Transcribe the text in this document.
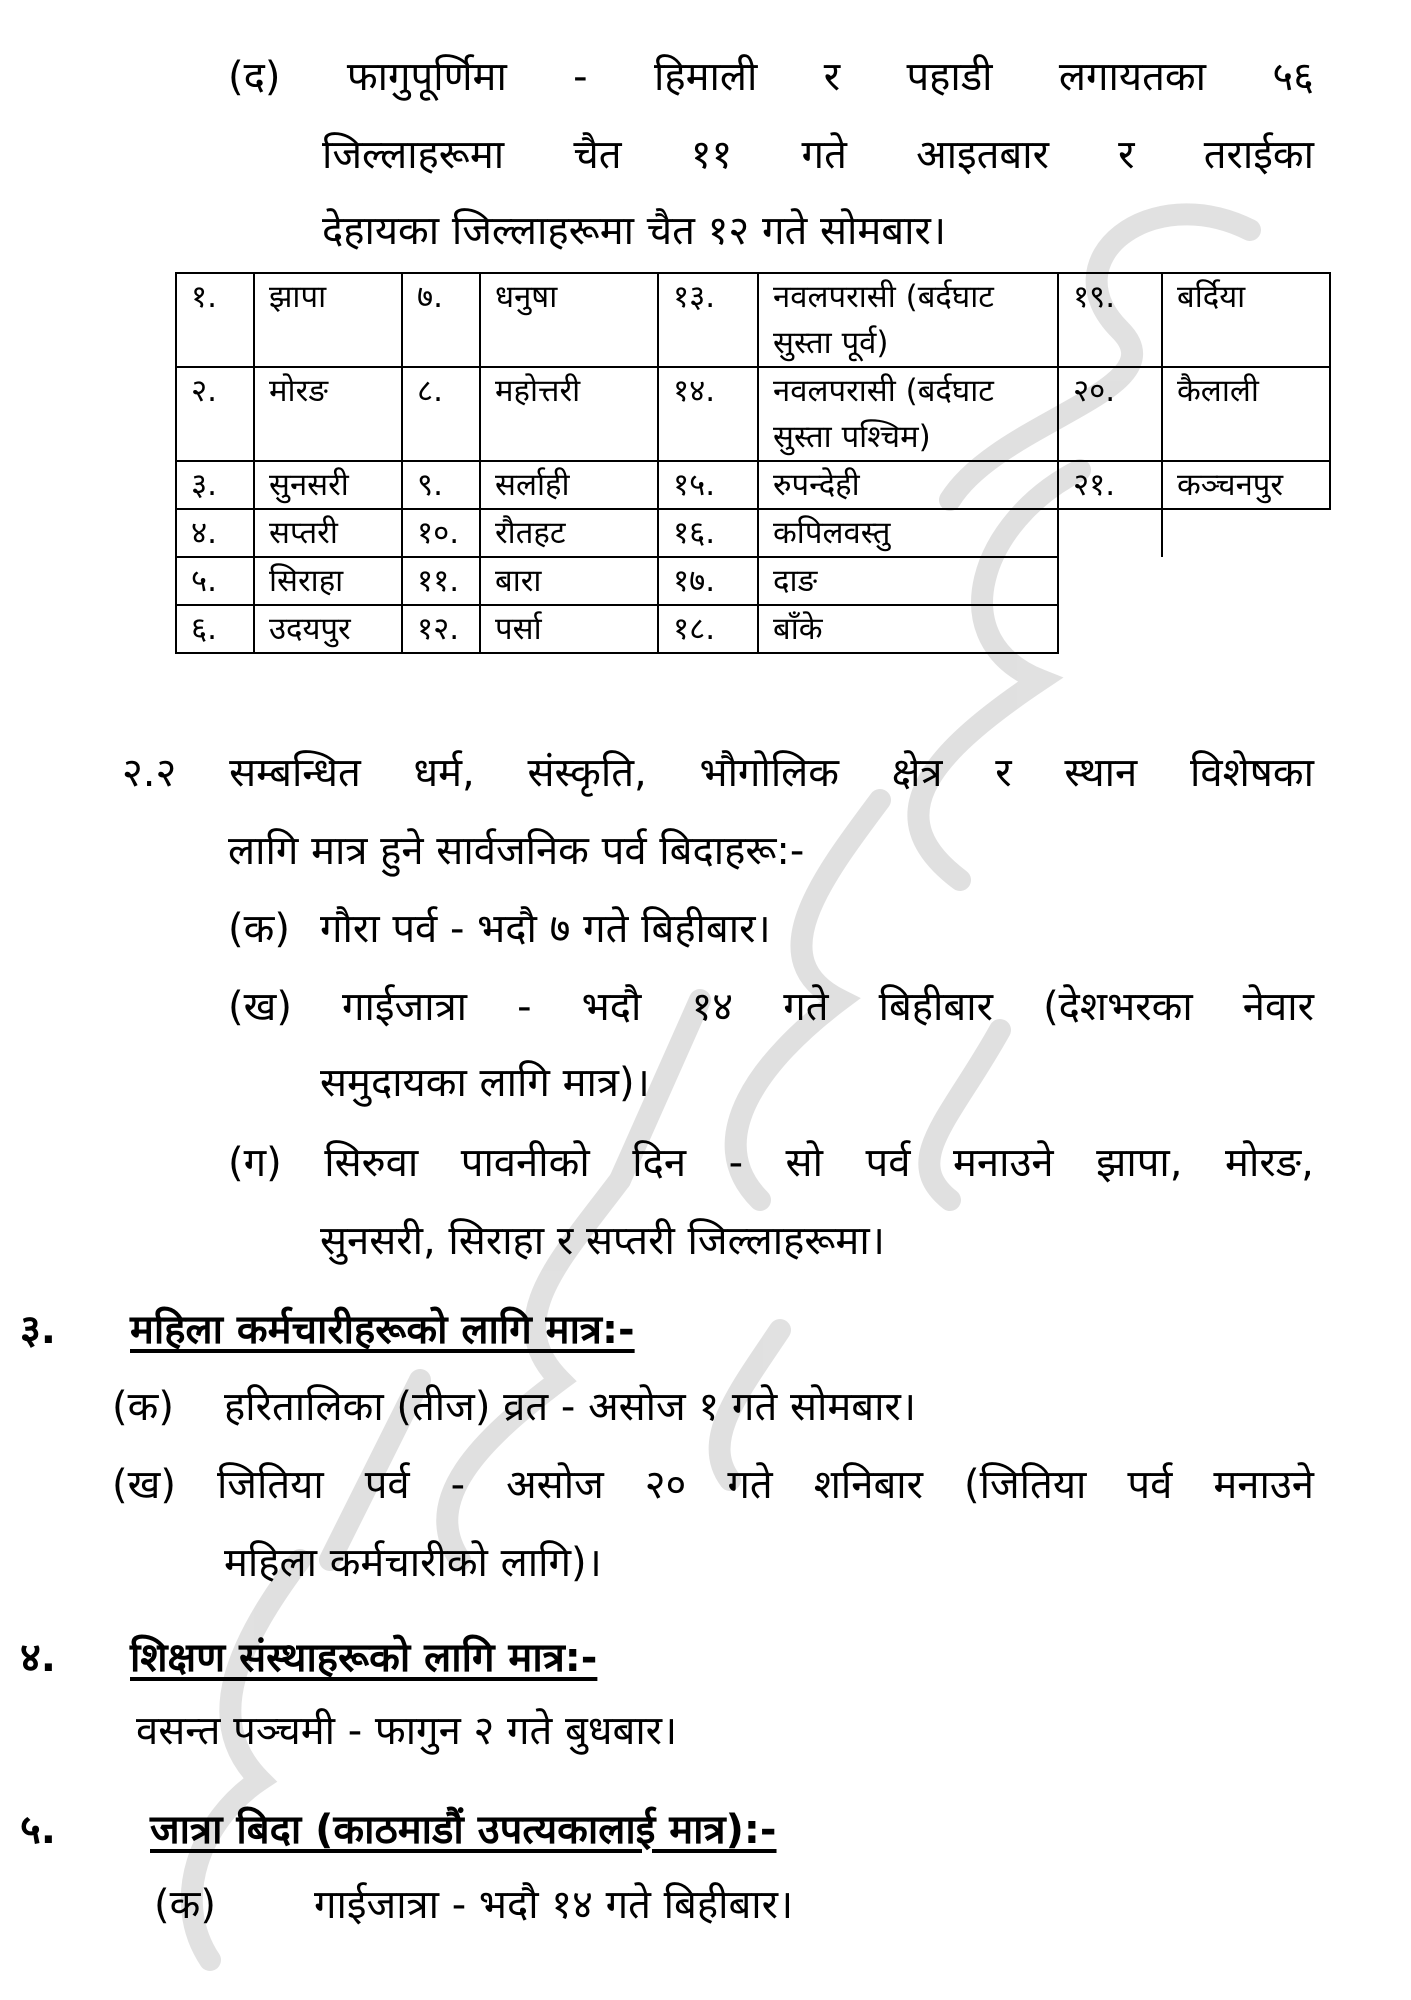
(द) फागुपूर्णिमा - हिमाली र पहाडी लगायतका ५६
जिल्लाहरूमा चैत ११ गते आइतबार र तराईका
देहायका जिल्लाहरूमा चैत १२ गते सोमबार।
१.	झापा	७.	धनुषा	१३.	नवलपरासी (बर्दघाट सुस्ता पूर्व)	१९.	बर्दिया
२.	मोरङ	८.	महोत्तरी	१४.	नवलपरासी (बर्दघाट सुस्ता पश्चिम)	२०.	कैलाली
३.	सुनसरी	९.	सर्लाही	१५.	रुपन्देही	२१.	कञ्चनपुर
४.	सप्तरी	१०.	रौतहट	१६.	कपिलवस्तु		
५.	सिराहा	११.	बारा	१७.	दाङ		
६.	उदयपुर	१२.	पर्सा	१८.	बाँके		
२.२ सम्बन्धित धर्म, संस्कृति, भौगोलिक क्षेत्र र स्थान विशेषका
लागि मात्र हुने सार्वजनिक पर्व बिदाहरू:-
(क) गौरा पर्व - भदौ ७ गते बिहीबार।
(ख) गाईजात्रा - भदौ १४ गते बिहीबार (देशभरका नेवार
समुदायका लागि मात्र)।
(ग) सिरुवा पावनीको दिन - सो पर्व मनाउने झापा, मोरङ,
सुनसरी, सिराहा र सप्तरी जिल्लाहरूमा।
३. महिला कर्मचारीहरूको लागि मात्र:-
(क) हरितालिका (तीज) व्रत - असोज १ गते सोमबार।
(ख) जितिया पर्व - असोज २० गते शनिबार (जितिया पर्व मनाउने
महिला कर्मचारीको लागि)।
४. शिक्षण संस्थाहरूको लागि मात्र:-
वसन्त पञ्चमी - फागुन २ गते बुधबार।
५. जात्रा बिदा (काठमाडौं उपत्यकालाई मात्र):-
(क) गाईजात्रा - भदौ १४ गते बिहीबार।
